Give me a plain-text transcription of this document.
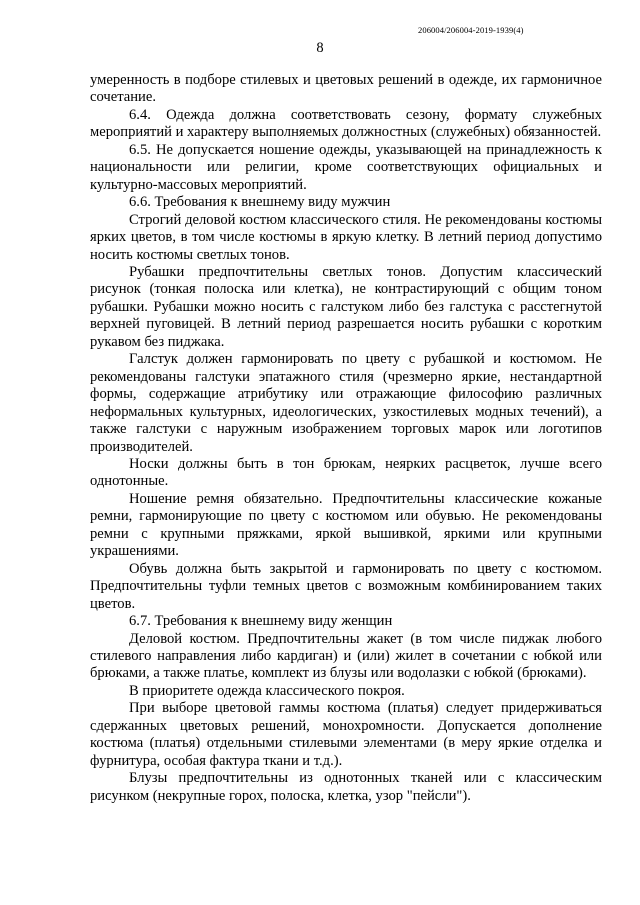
206004/206004-2019-1939(4)
8

умеренность в подборе стилевых и цветовых решений в одежде, их гармоничное сочетание.

6.4. Одежда должна соответствовать сезону, формату служебных мероприятий и характеру выполняемых должностных (служебных) обязанностей.

6.5. Не допускается ношение одежды, указывающей на принадлежность к национальности или религии, кроме соответствующих официальных и культурно-массовых мероприятий.

6.6. Требования к внешнему виду мужчин

Строгий деловой костюм классического стиля. Не рекомендованы костюмы ярких цветов, в том числе костюмы в яркую клетку. В летний период допустимо носить костюмы светлых тонов.

Рубашки предпочтительны светлых тонов. Допустим классический рисунок (тонкая полоска или клетка), не контрастирующий с общим тоном рубашки. Рубашки можно носить с галстуком либо без галстука с расстегнутой верхней пуговицей. В летний период разрешается носить рубашки с коротким рукавом без пиджака.

Галстук должен гармонировать по цвету с рубашкой и костюмом. Не рекомендованы галстуки эпатажного стиля (чрезмерно яркие, нестандартной формы, содержащие атрибутику или отражающие философию различных неформальных культурных, идеологических, узкостилевых модных течений), а также галстуки с наружным изображением торговых марок или логотипов производителей.

Носки должны быть в тон брюкам, неярких расцветок, лучше всего однотонные.

Ношение ремня обязательно. Предпочтительны классические кожаные ремни, гармонирующие по цвету с костюмом или обувью. Не рекомендованы ремни с крупными пряжками, яркой вышивкой, яркими или крупными украшениями.

Обувь должна быть закрытой и гармонировать по цвету с костюмом. Предпочтительны туфли темных цветов с возможным комбинированием таких цветов.

6.7. Требования к внешнему виду женщин

Деловой костюм. Предпочтительны жакет (в том числе пиджак любого стилевого направления либо кардиган) и (или) жилет в сочетании с юбкой или брюками, а также платье, комплект из блузы или водолазки с юбкой (брюками).

В приоритете одежда классического покроя.

При выборе цветовой гаммы костюма (платья) следует придерживаться сдержанных цветовых решений, монохромности. Допускается дополнение костюма (платья) отдельными стилевыми элементами (в меру яркие отделка и фурнитура, особая фактура ткани и т.д.).

Блузы предпочтительны из однотонных тканей или с классическим рисунком (некрупные горох, полоска, клетка, узор "пейсли").
